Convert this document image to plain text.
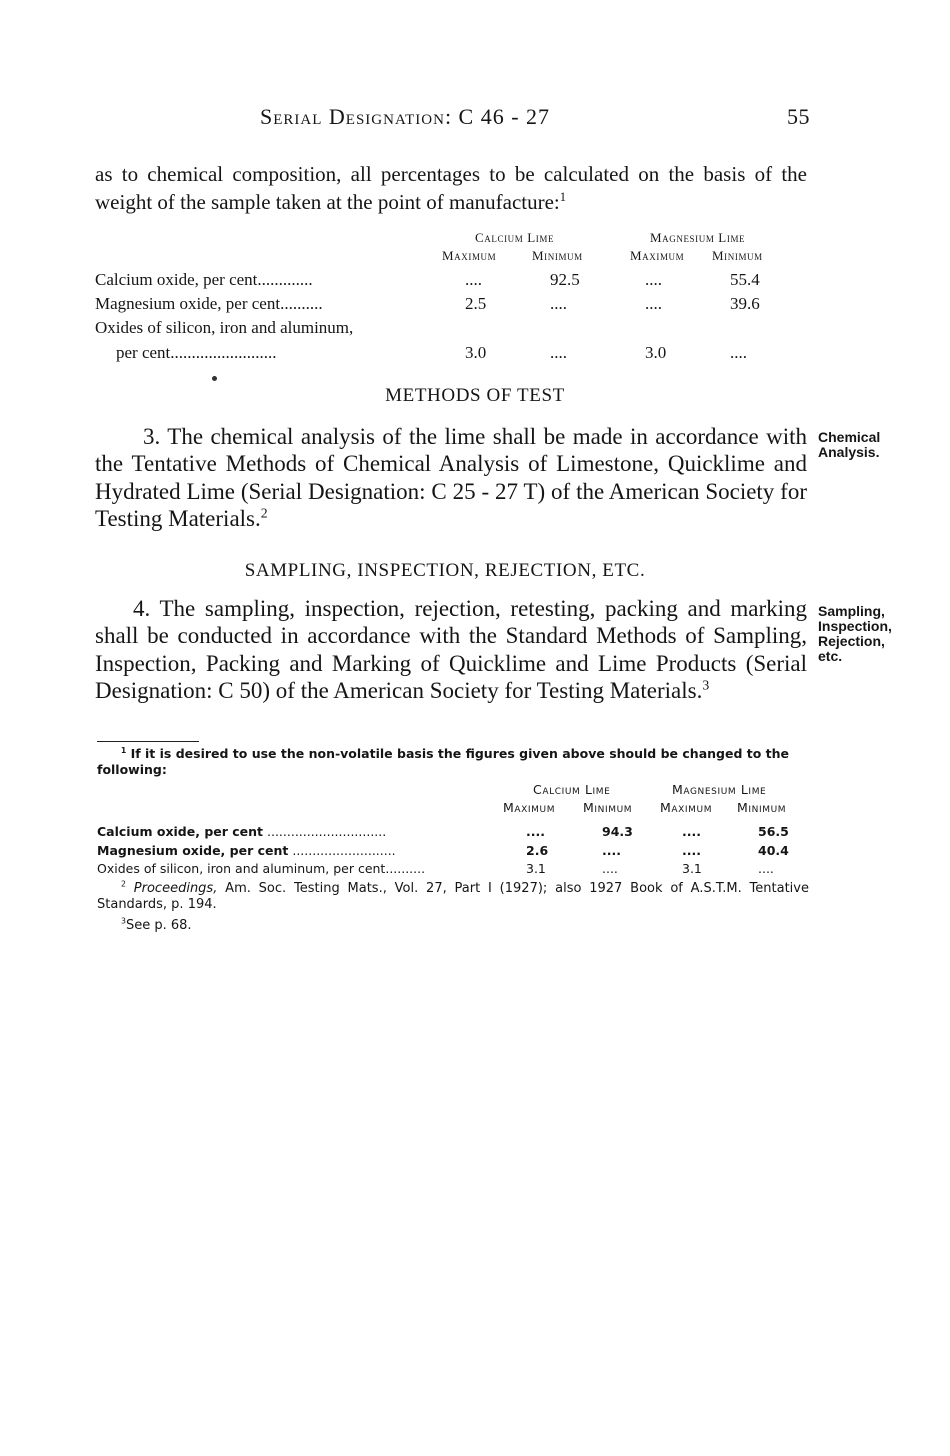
Serial Designation: C 46 - 27	55
as to chemical composition, all percentages to be calculated on the basis of the weight of the sample taken at the point of manufacture:$^1$
Calcium Lime	Magnesium Lime
Maximum	Minimum	Maximum Minimum
Calcium oxide, per cent.............	....	92.5	....	55.4
Magnesium oxide, per cent..........	2.5	....	....	39.6
Oxides of silicon, iron and aluminum,
per cent.........................	3.0	....	3.0	....
METHODS OF TEST
3. The chemical analysis of the lime shall be made in accordance with the Tentative Methods of Chemical Analysis of Limestone, Quicklime and Hydrated Lime (Serial Designation: C 25 - 27 T) of the American Society for Testing Materials.$^2$
Chemical
Analysis.
SAMPLING, INSPECTION, REJECTION, ETC.
4. The sampling, inspection, rejection, retesting, packing and marking shall be conducted in accordance with the Standard Methods of Sampling, Inspection, Packing and Marking of Quicklime and Lime Products (Serial Designation: C 50) of the American Society for Testing Materials.$^3$
Sampling,
Inspection,
Rejection,
etc.
$^1$ If it is desired to use the non-volatile basis the figures given above should be changed to the following:
Calcium Lime	Magnesium Lime
Maximum Minimum Maximum Minimum
Calcium oxide, per cent ..............................	....	94.3	....	56.5
Magnesium oxide, per cent ..........................	2.6	....	....	40.4
Oxides of silicon, iron and aluminum, per cent..........	3.1	....	3.1	....
$^2$ Proceedings, Am. Soc. Testing Mats., Vol. 27, Part I (1927); also 1927 Book of A.S.T.M. Tentative Standards, p. 194.
$^3$See p. 68.
